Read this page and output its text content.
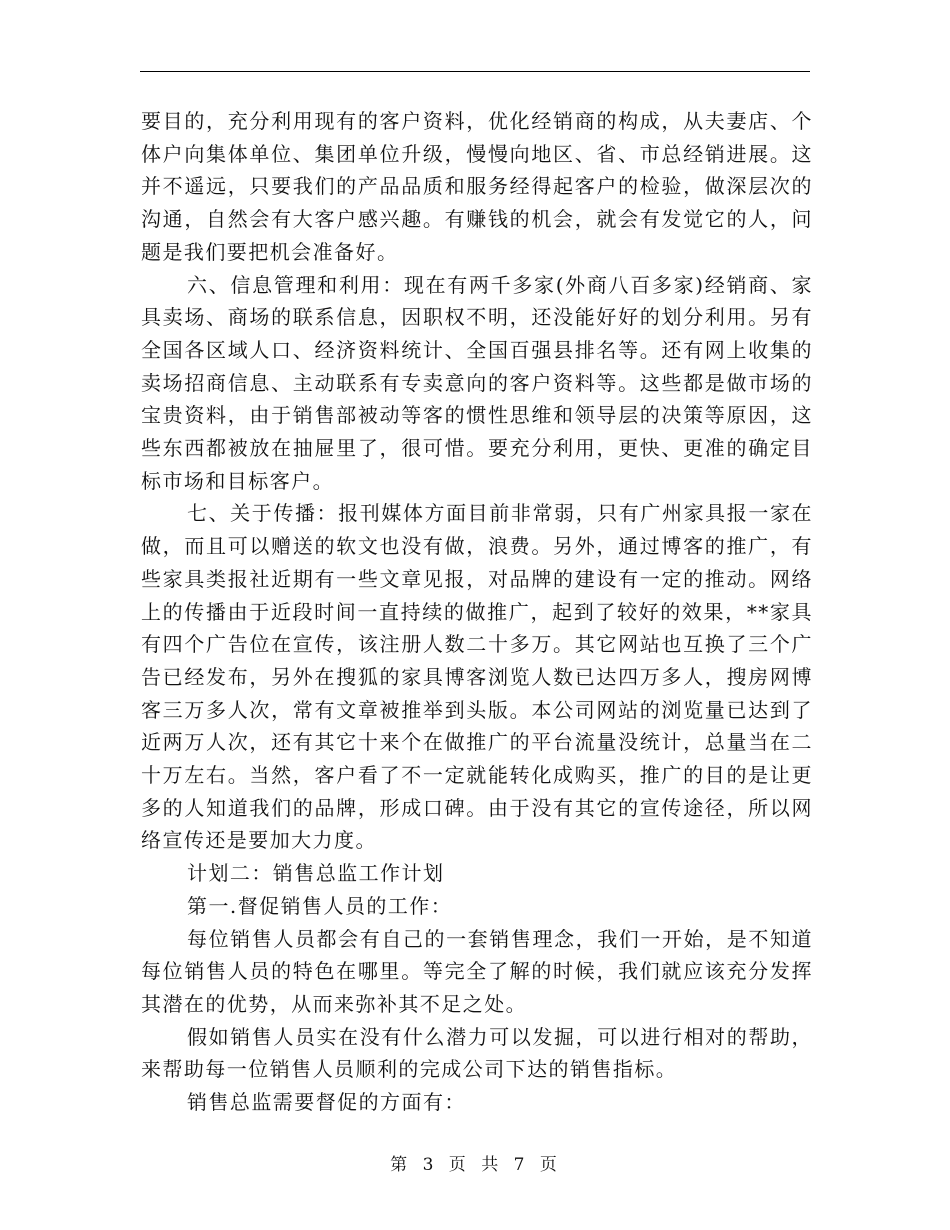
要目的，充分利用现有的客户资料，优化经销商的构成，从夫妻店、个体户向集体单位、集团单位升级，慢慢向地区、省、市总经销进展。这并不遥远，只要我们的产品品质和服务经得起客户的检验，做深层次的沟通，自然会有大客户感兴趣。有赚钱的机会，就会有发觉它的人，问题是我们要把机会准备好。

六、信息管理和利用：现在有两千多家(外商八百多家)经销商、家具卖场、商场的联系信息，因职权不明，还没能好好的划分利用。另有全国各区域人口、经济资料统计、全国百强县排名等。还有网上收集的卖场招商信息、主动联系有专卖意向的客户资料等。这些都是做市场的宝贵资料，由于销售部被动等客的惯性思维和领导层的决策等原因，这些东西都被放在抽屉里了，很可惜。要充分利用，更快、更准的确定目标市场和目标客户。

七、关于传播：报刊媒体方面目前非常弱，只有广州家具报一家在做，而且可以赠送的软文也没有做，浪费。另外，通过博客的推广，有些家具类报社近期有一些文章见报，对品牌的建设有一定的推动。网络上的传播由于近段时间一直持续的做推广，起到了较好的效果，**家具有四个广告位在宣传，该注册人数二十多万。其它网站也互换了三个广告已经发布，另外在搜狐的家具博客浏览人数已达四万多人，搜房网博客三万多人次，常有文章被推举到头版。本公司网站的浏览量已达到了近两万人次，还有其它十来个在做推广的平台流量没统计，总量当在二十万左右。当然，客户看了不一定就能转化成购买，推广的目的是让更多的人知道我们的品牌，形成口碑。由于没有其它的宣传途径，所以网络宣传还是要加大力度。

计划二：销售总监工作计划

第一.督促销售人员的工作：

每位销售人员都会有自己的一套销售理念，我们一开始，是不知道每位销售人员的特色在哪里。等完全了解的时候，我们就应该充分发挥其潜在的优势，从而来弥补其不足之处。

假如销售人员实在没有什么潜力可以发掘，可以进行相对的帮助，来帮助每一位销售人员顺利的完成公司下达的销售指标。

销售总监需要督促的方面有：

第 3 页 共 7 页
